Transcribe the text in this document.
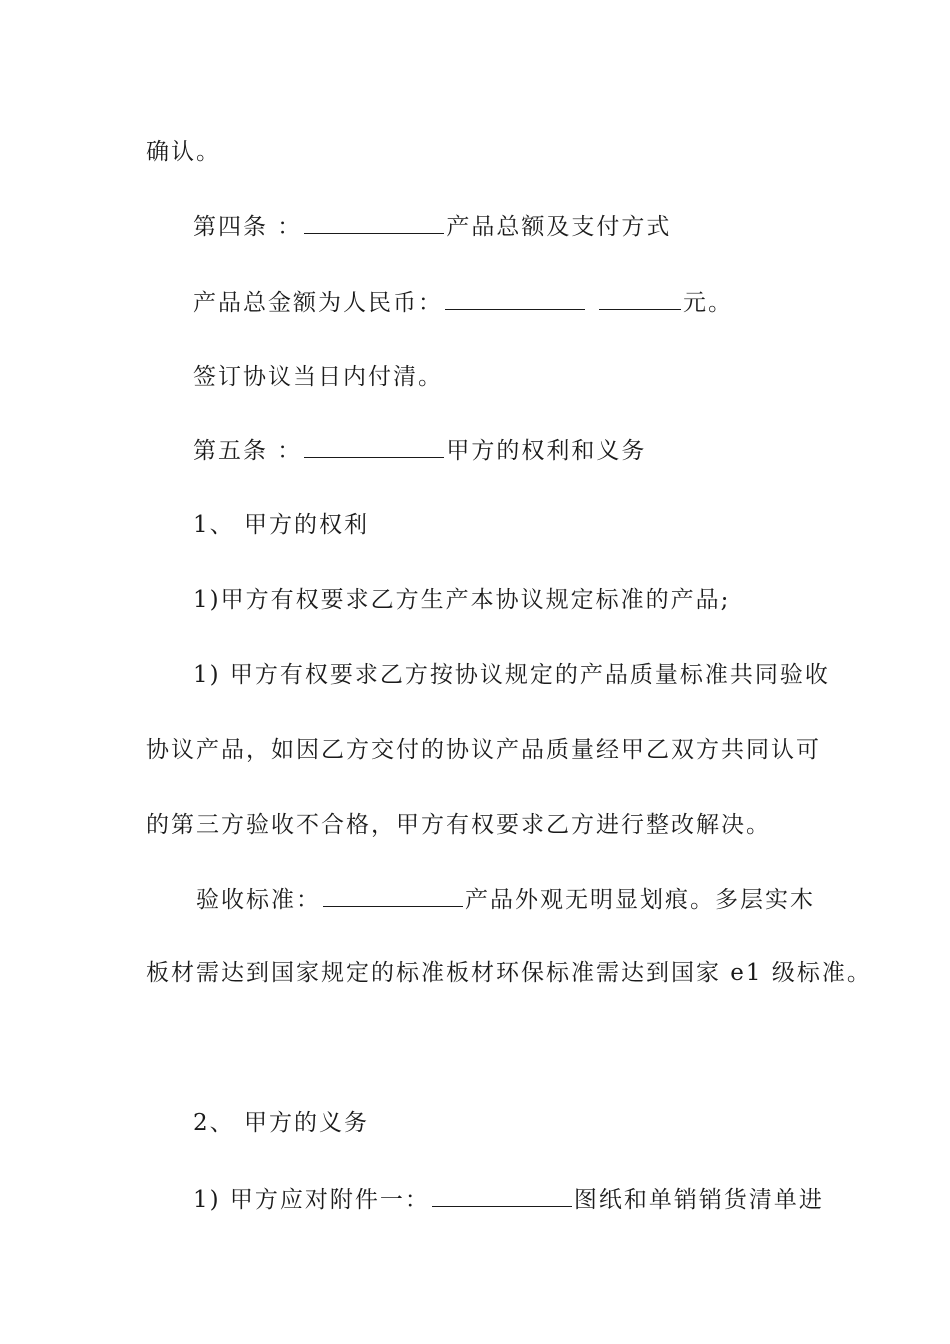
确认。
第四条 ：	产品总额及支付方式
产品总金额为人民币：	元。
签订协议当日内付清。
第五条 ：	甲方的权利和义务
1、 甲方的权利
1)甲方有权要求乙方生产本协议规定标准的产品;
1) 甲方有权要求乙方按协议规定的产品质量标准共同验收
协议产品，如因乙方交付的协议产品质量经甲乙双方共同认可
的第三方验收不合格，甲方有权要求乙方进行整改解决。
验收标准：	产品外观无明显划痕。多层实木
板材需达到国家规定的标准板材环保标准需达到国家 e1 级标准。
2、 甲方的义务
1) 甲方应对附件一：	图纸和单销销货清单进
